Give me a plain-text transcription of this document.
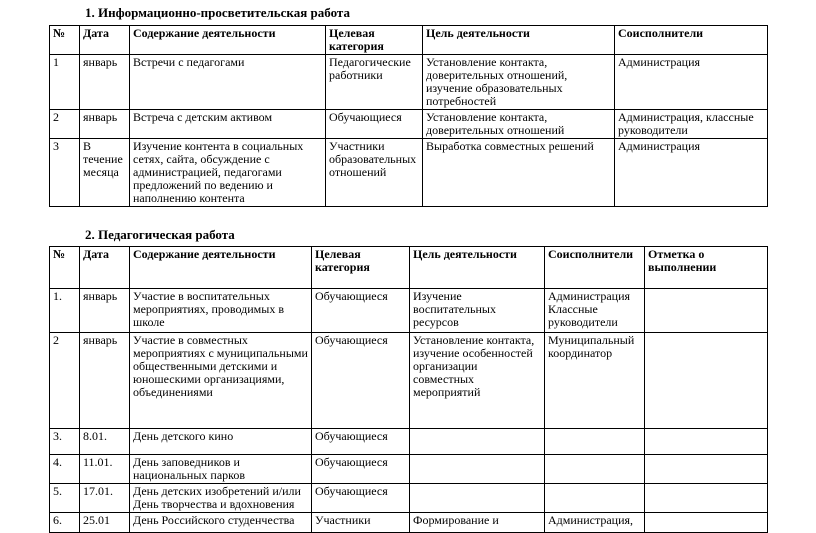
1. Информационно-просветительская работа
№	Дата	Содержание деятельности	Целевая категория	Цель деятельности	Соисполнители
1	январь	Встречи с педагогами	Педагогические работники	Установление контакта, доверительных отношений, изучение образовательных потребностей	Администрация
2	январь	Встреча с детским активом	Обучающиеся	Установление контакта, доверительных отношений	Администрация, классные руководители
3	В течение месяца	Изучение контента в социальных сетях, сайта, обсуждение с администрацией, педагогами предложений по ведению и наполнению контента	Участники образовательных отношений	Выработка совместных решений	Администрация
2. Педагогическая работа
№	Дата	Содержание деятельности	Целевая категория	Цель деятельности	Соисполнители	Отметка о выполнении
1.	январь	Участие в воспитательных мероприятиях, проводимых в школе	Обучающиеся	Изучение воспитательных ресурсов	Администрация Классные руководители	
2	январь	Участие в совместных мероприятиях с муниципальными общественными детскими и юношескими организациями, объединениями	Обучающиеся	Установление контакта, изучение особенностей организации совместных мероприятий	Муниципальный координатор	
3.	8.01.	День детского кино	Обучающиеся			
4.	11.01.	День заповедников и национальных парков	Обучающиеся			
5.	17.01.	День детских изобретений и/или День творчества и вдохновения	Обучающиеся			
6.	25.01	День Российского студенчества	Участники	Формирование и	Администрация,	
